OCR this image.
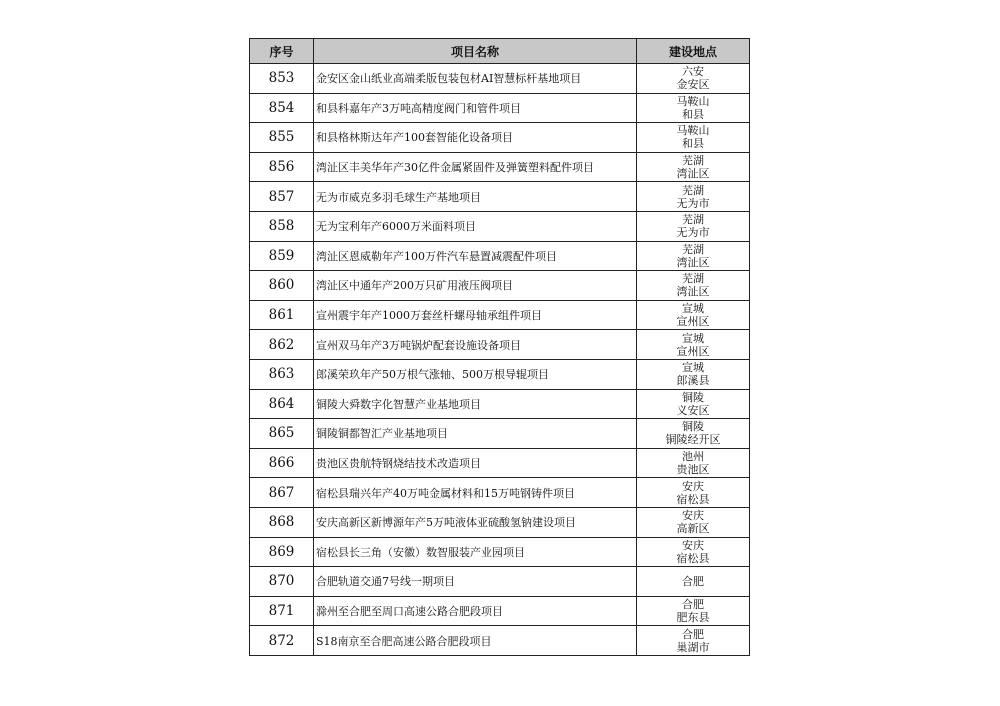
序号	项目名称	建设地点
853	金安区金山纸业高端柔版包装包材AI智慧标杆基地项目	六安
金安区

854	和县科嘉年产3万吨高精度阀门和管件项目	马鞍山
和县

855	和县格林斯达年产100套智能化设备项目	马鞍山
和县

856	湾沚区丰美华年产30亿件金属紧固件及弹簧塑料配件项目	芜湖
湾沚区

857	无为市威克多羽毛球生产基地项目	芜湖
无为市

858	无为宝利年产6000万米面料项目	芜湖
无为市

859	湾沚区恩威勒年产100万件汽车悬置减震配件项目	芜湖
湾沚区

860	湾沚区中通年产200万只矿用液压阀项目	芜湖
湾沚区

861	宣州震宇年产1000万套丝杆螺母轴承组件项目	宣城
宣州区

862	宣州双马年产3万吨锅炉配套设施设备项目	宣城
宣州区

863	郎溪荣玖年产50万根气涨轴、500万根导辊项目	宣城
郎溪县

864	铜陵大舜数字化智慧产业基地项目	铜陵
义安区

865	铜陵铜都智汇产业基地项目	铜陵
铜陵经开区

866	贵池区贵航特钢烧结技术改造项目	池州
贵池区

867	宿松县瑞兴年产40万吨金属材料和15万吨钢铸件项目	安庆
宿松县

868	安庆高新区新博源年产5万吨液体亚硫酸氢钠建设项目	安庆
高新区

869	宿松县长三角（安徽）数智服装产业园项目	安庆
宿松县

870	合肥轨道交通7号线一期项目	合肥

871	滁州至合肥至周口高速公路合肥段项目	合肥
肥东县

872	S18南京至合肥高速公路合肥段项目	合肥
巢湖市
